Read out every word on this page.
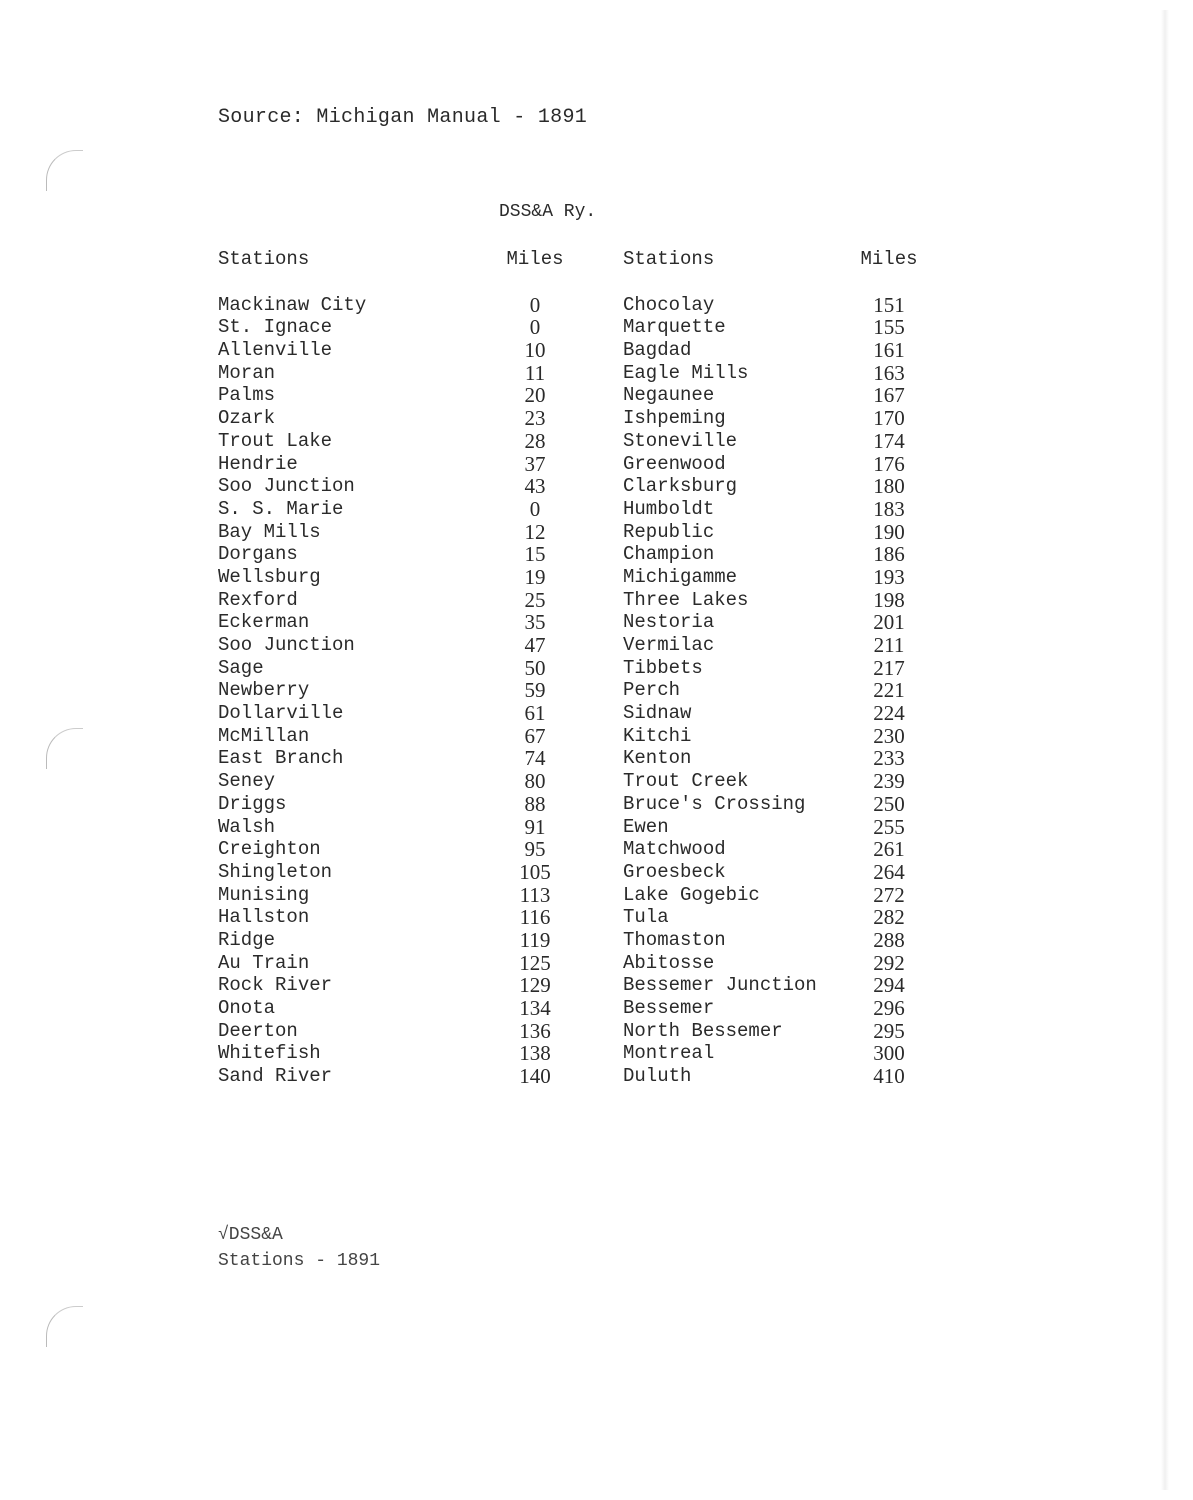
Source: Michigan Manual - 1891
DSS&A Ry.
Stations
Mackinaw City
St. Ignace
Allenville
Moran
Palms
Ozark
Trout Lake
Hendrie
Soo Junction
S. S. Marie
Bay Mills
Dorgans
Wellsburg
Rexford
Eckerman
Soo Junction
Sage
Newberry
Dollarville
McMillan
East Branch
Seney
Driggs
Walsh
Creighton
Shingleton
Munising
Hallston
Ridge
Au Train
Rock River
Onota
Deerton
Whitefish
Sand River
Miles
0
0
10
11
20
23
28
37
43
0
12
15
19
25
35
47
50
59
61
67
74
80
88
91
95
105
113
116
119
125
129
134
136
138
140
Stations
Chocolay
Marquette
Bagdad
Eagle Mills
Negaunee
Ishpeming
Stoneville
Greenwood
Clarksburg
Humboldt
Republic
Champion
Michigamme
Three Lakes
Nestoria
Vermilac
Tibbets
Perch
Sidnaw
Kitchi
Kenton
Trout Creek
Bruce's Crossing
Ewen
Matchwood
Groesbeck
Lake Gogebic
Tula
Thomaston
Abitosse
Bessemer Junction
Bessemer
North Bessemer
Montreal
Duluth
Miles
151
155
161
163
167
170
174
176
180
183
190
186
193
198
201
211
217
221
224
230
233
239
250
255
261
264
272
282
288
292
294
296
295
300
410
√DSS&A
Stations - 1891
